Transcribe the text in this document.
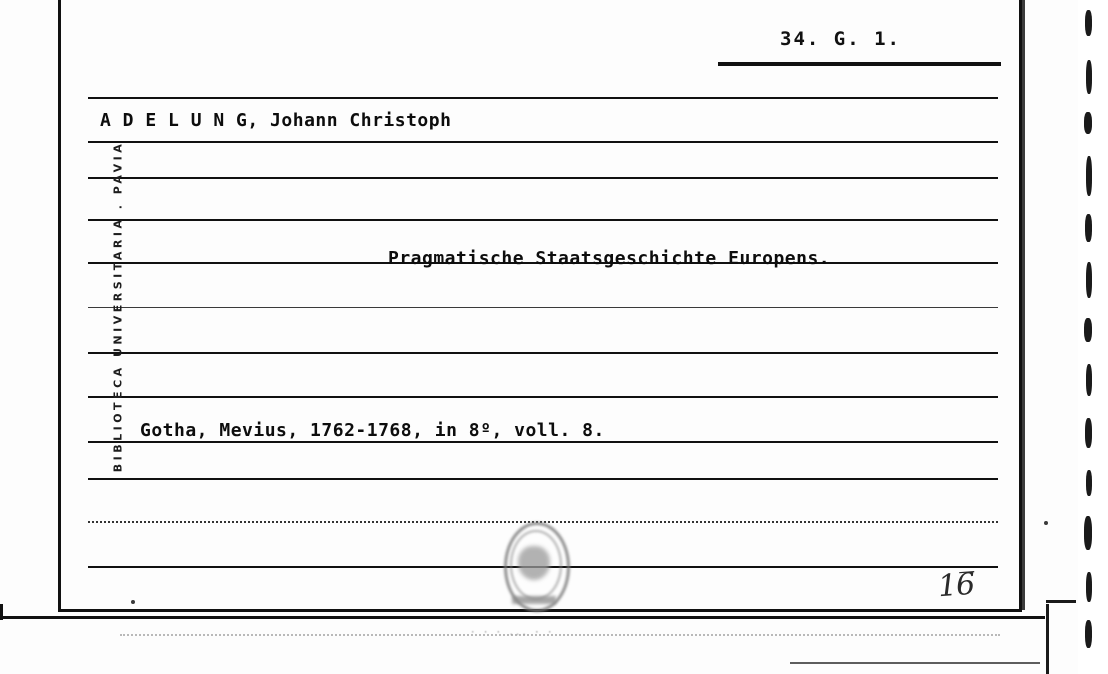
34. G. 1.
A D E L U N G, Johann Christoph
Pragmatische Staatsgeschichte Europens.
Gotha, Mevius, 1762-1768, in 8º, voll. 8.
BIBLIOTECA UNIVERSITARIA . PAVIA
16̅
· · · ... · ·
